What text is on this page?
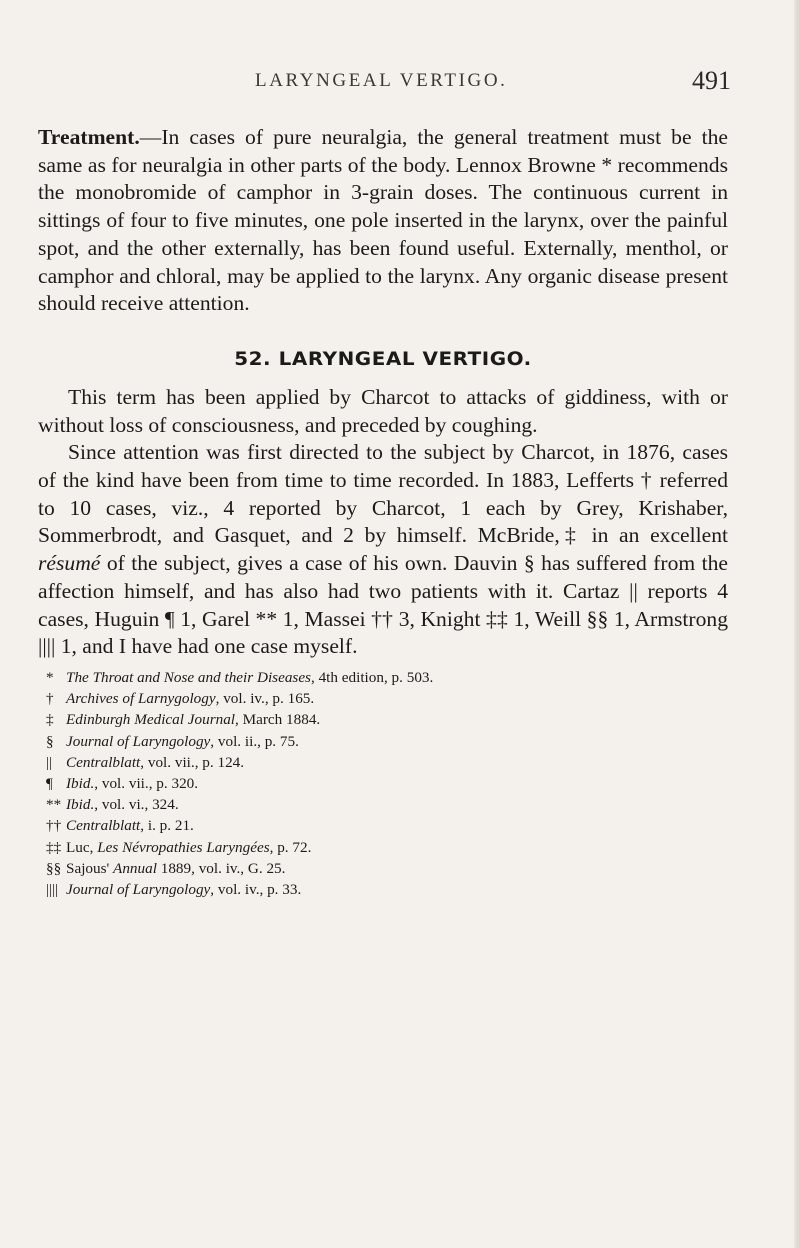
LARYNGEAL VERTIGO.	491

Treatment.—In cases of pure neuralgia, the general treatment must be the same as for neuralgia in other parts of the body. Lennox Browne * recommends the monobromide of camphor in 3-grain doses. The continuous current in sittings of four to five minutes, one pole inserted in the larynx, over the painful spot, and the other externally, has been found useful. Externally, menthol, or camphor and chloral, may be applied to the larynx. Any organic disease present should receive attention.

52. LARYNGEAL VERTIGO.

This term has been applied by Charcot to attacks of giddiness, with or without loss of consciousness, and preceded by coughing.

Since attention was first directed to the subject by Charcot, in 1876, cases of the kind have been from time to time recorded. In 1883, Lefferts † referred to 10 cases, viz., 4 reported by Charcot, 1 each by Grey, Krishaber, Sommerbrodt, and Gasquet, and 2 by himself. McBride,‡ in an excellent résumé of the subject, gives a case of his own. Dauvin § has suffered from the affection himself, and has also had two patients with it. Cartaz || reports 4 cases, Huguin ¶ 1, Garel ** 1, Massei †† 3, Knight ‡‡ 1, Weill §§ 1, Armstrong |||| 1, and I have had one case myself.

* The Throat and Nose and their Diseases, 4th edition, p. 503.

† Archives of Larnygology, vol. iv., p. 165.

‡ Edinburgh Medical Journal, March 1884.

§ Journal of Laryngology, vol. ii., p. 75.

|| Centralblatt, vol. vii., p. 124.

¶ Ibid., vol. vii., p. 320.

** Ibid., vol. vi., 324.

†† Centralblatt, i. p. 21.

‡‡ Luc, Les Névropathies Laryngées, p. 72.

§§ Sajous' Annual 1889, vol. iv., G. 25.

|||| Journal of Laryngology, vol. iv., p. 33.
